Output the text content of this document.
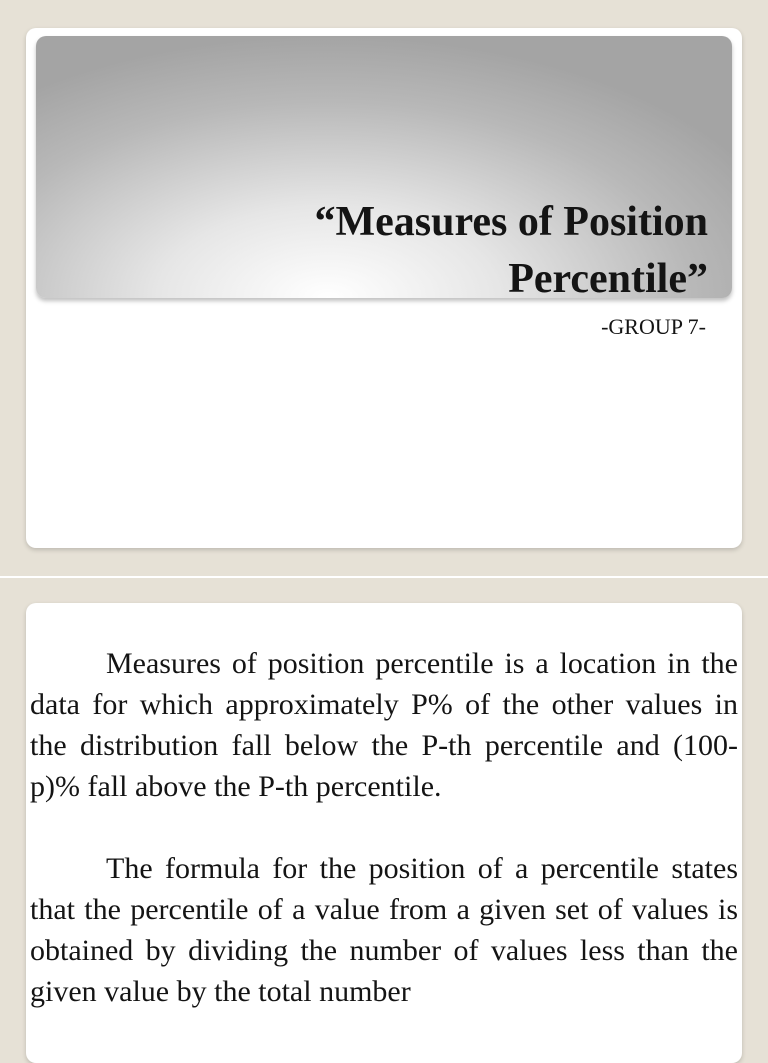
“Measures of Position
Percentile”

-GROUP 7-

Measures of position percentile is a location in the data for which approximately P% of the other values in the distribution fall below the P-th percentile and (100-p)% fall above the P-th percentile.

The formula for the position of a percentile states that the percentile of a value from a given set of values is obtained by dividing the number of values less than the given value by the total number
